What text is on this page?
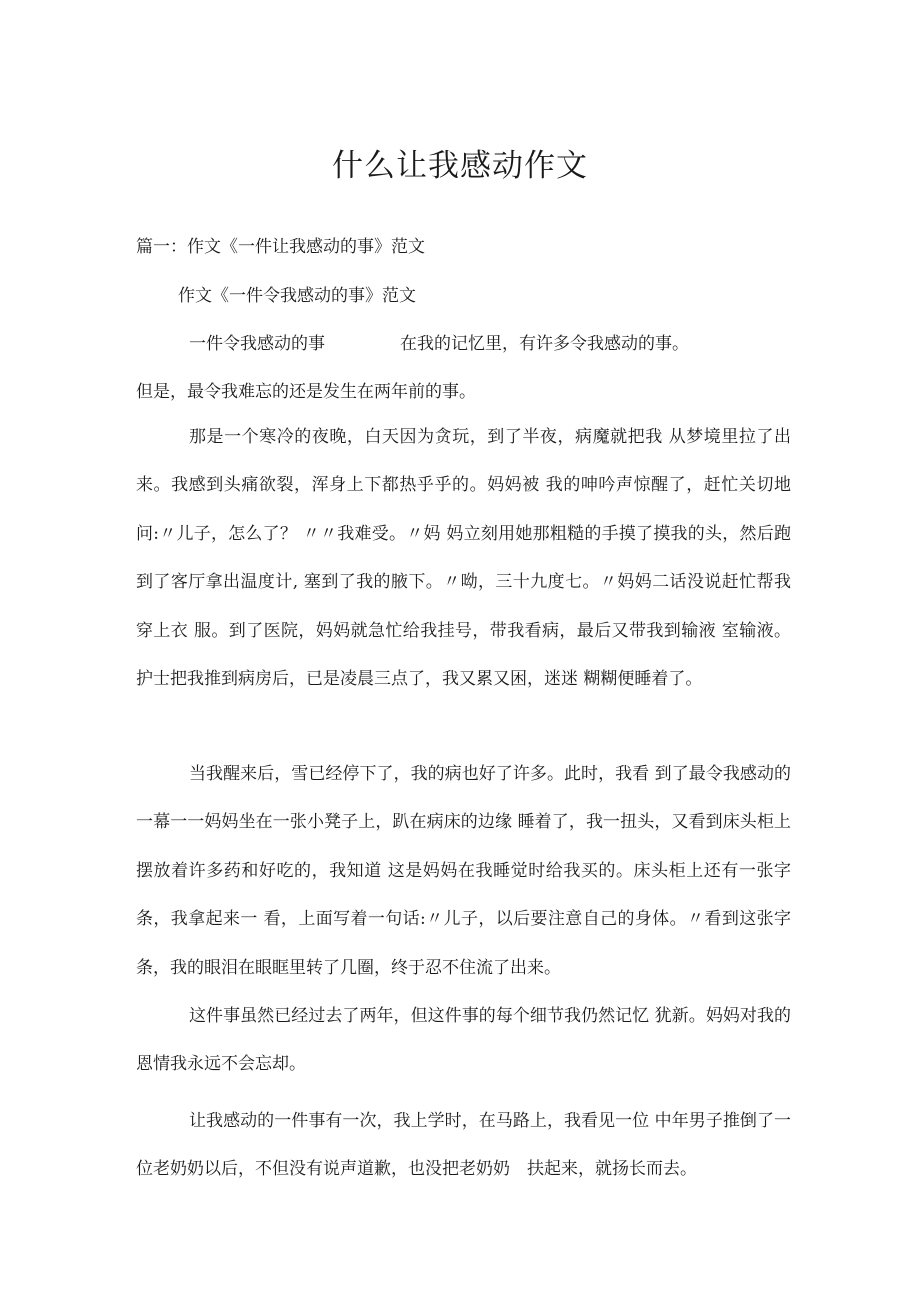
什么让我感动作文

篇一：作文《一件让我感动的事》范文

作文《一件令我感动的事》范文

一件令我感动的事	在我的记忆里，有许多令我感动的事。

但是，最令我难忘的还是发生在两年前的事。

那是一个寒冷的夜晚，白天因为贪玩，到了半夜，病魔就把我 从梦境里拉了出来。我感到头痛欲裂，浑身上下都热乎乎的。妈妈被 我的呻吟声惊醒了，赶忙关切地问:〃儿子，怎么了？ 〃〃我难受。〃妈 妈立刻用她那粗糙的手摸了摸我的头，然后跑到了客厅拿出温度计, 塞到了我的腋下。〃呦，三十九度七。〃妈妈二话没说赶忙帮我穿上衣 服。到了医院，妈妈就急忙给我挂号，带我看病，最后又带我到输液 室输液。护士把我推到病房后，已是凌晨三点了，我又累又困，迷迷 糊糊便睡着了。

当我醒来后，雪已经停下了，我的病也好了许多。此时，我看 到了最令我感动的一幕一一妈妈坐在一张小凳子上，趴在病床的边缘 睡着了，我一扭头，又看到床头柜上摆放着许多药和好吃的，我知道 这是妈妈在我睡觉时给我买的。床头柜上还有一张字条，我拿起来一 看，上面写着一句话:〃儿子，以后要注意自己的身体。〃看到这张字 条，我的眼泪在眼眶里转了几圈，终于忍不住流了出来。

这件事虽然已经过去了两年，但这件事的每个细节我仍然记忆 犹新。妈妈对我的恩情我永远不会忘却。

让我感动的一件事有一次，我上学时，在马路上，我看见一位 中年男子推倒了一位老奶奶以后，不但没有说声道歉，也没把老奶奶　扶起来，就扬长而去。
